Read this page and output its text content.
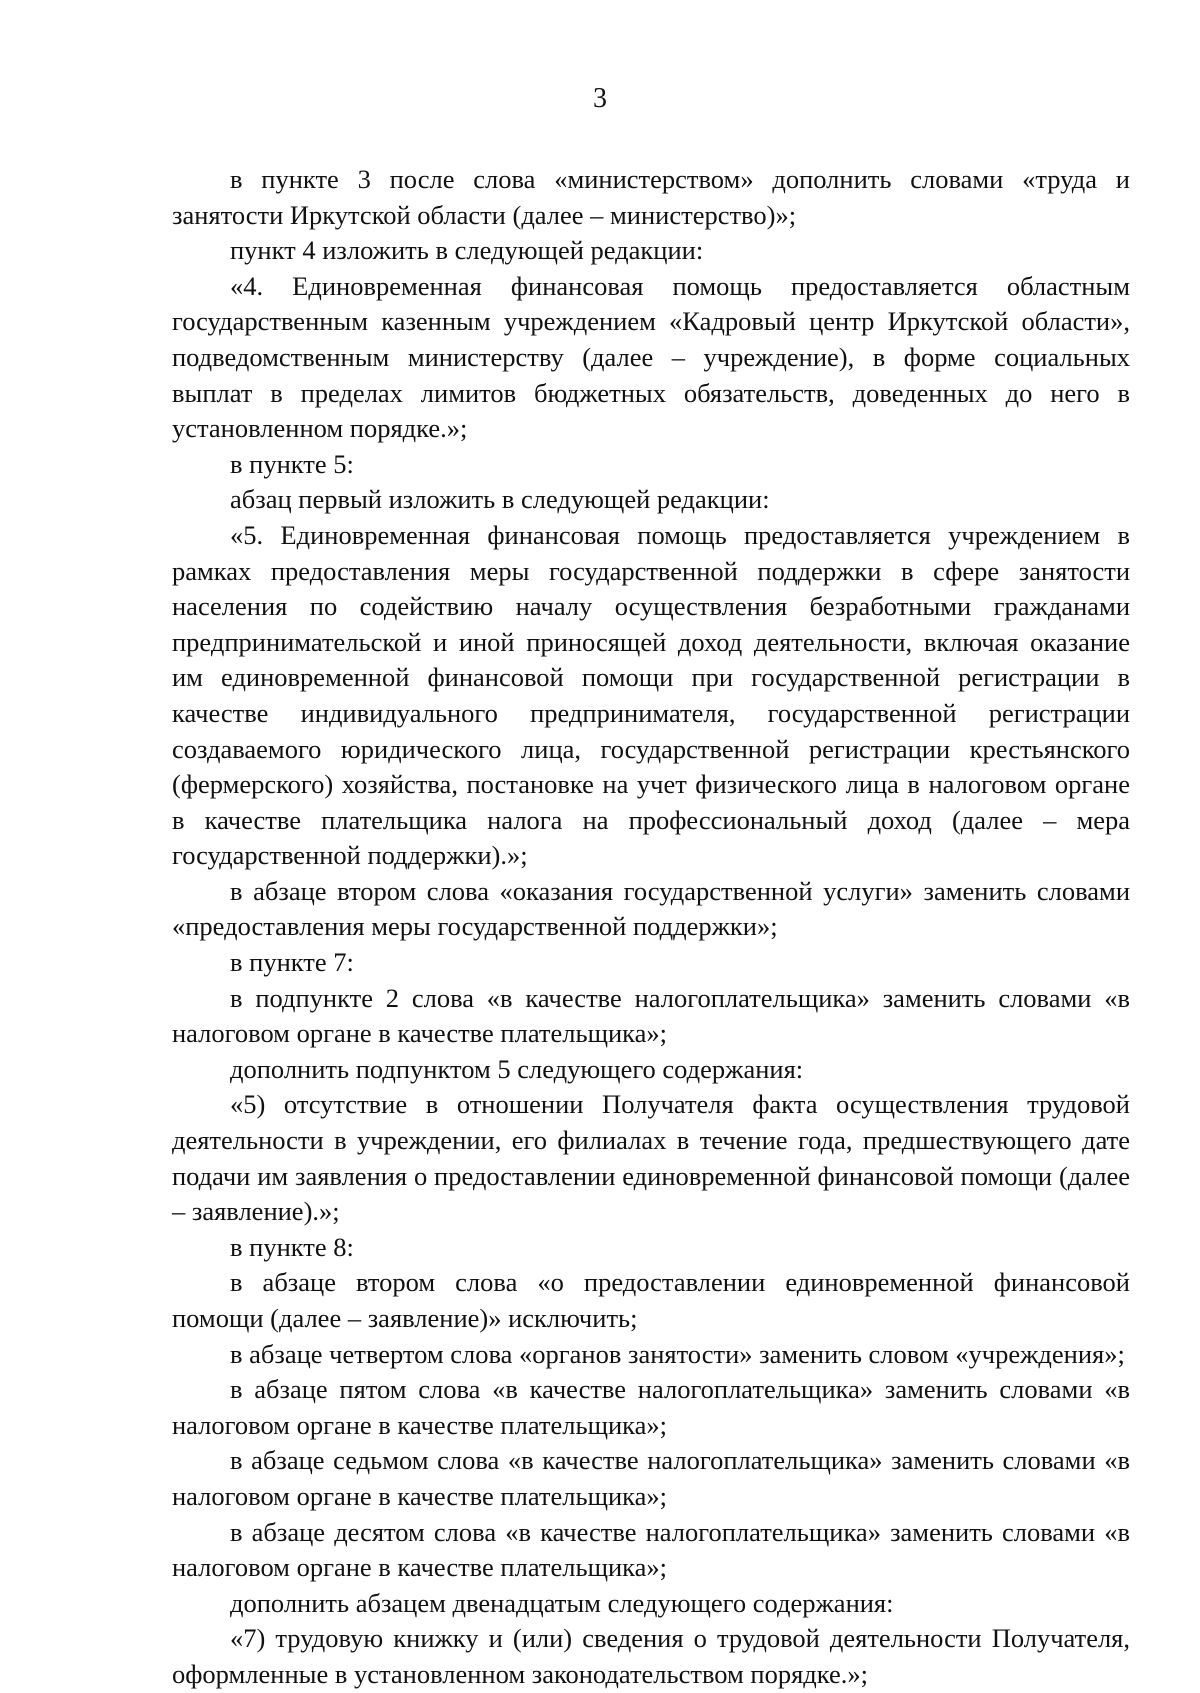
3

в пункте 3 после слова «министерством» дополнить словами «труда и занятости Иркутской области (далее – министерство)»;

пункт 4 изложить в следующей редакции:

«4. Единовременная финансовая помощь предоставляется областным государственным казенным учреждением «Кадровый центр Иркутской области», подведомственным министерству (далее – учреждение), в форме социальных выплат в пределах лимитов бюджетных обязательств, доведенных до него в установленном порядке.»;

в пункте 5:

абзац первый изложить в следующей редакции:

«5. Единовременная финансовая помощь предоставляется учреждением в рамках предоставления меры государственной поддержки в сфере занятости населения по содействию началу осуществления безработными гражданами предпринимательской и иной приносящей доход деятельности, включая оказание им единовременной финансовой помощи при государственной регистрации в качестве индивидуального предпринимателя, государственной регистрации создаваемого юридического лица, государственной регистрации крестьянского (фермерского) хозяйства, постановке на учет физического лица в налоговом органе в качестве плательщика налога на профессиональный доход (далее – мера государственной поддержки).»;

в абзаце втором слова «оказания государственной услуги» заменить словами «предоставления меры государственной поддержки»;

в пункте 7:

в подпункте 2 слова «в качестве налогоплательщика» заменить словами «в налоговом органе в качестве плательщика»;

дополнить подпунктом 5 следующего содержания:

«5) отсутствие в отношении Получателя факта осуществления трудовой деятельности в учреждении, его филиалах в течение года, предшествующего дате подачи им заявления о предоставлении единовременной финансовой помощи (далее – заявление).»;

в пункте 8:

в абзаце втором слова «о предоставлении единовременной финансовой помощи (далее – заявление)» исключить;

в абзаце четвертом слова «органов занятости» заменить словом «учреждения»;

в абзаце пятом слова «в качестве налогоплательщика» заменить словами «в налоговом органе в качестве плательщика»;

в абзаце седьмом слова «в качестве налогоплательщика» заменить словами «в налоговом органе в качестве плательщика»;

в абзаце десятом слова «в качестве налогоплательщика» заменить словами «в налоговом органе в качестве плательщика»;

дополнить абзацем двенадцатым следующего содержания:

«7) трудовую книжку и (или) сведения о трудовой деятельности Получателя, оформленные в установленном законодательством порядке.»;
